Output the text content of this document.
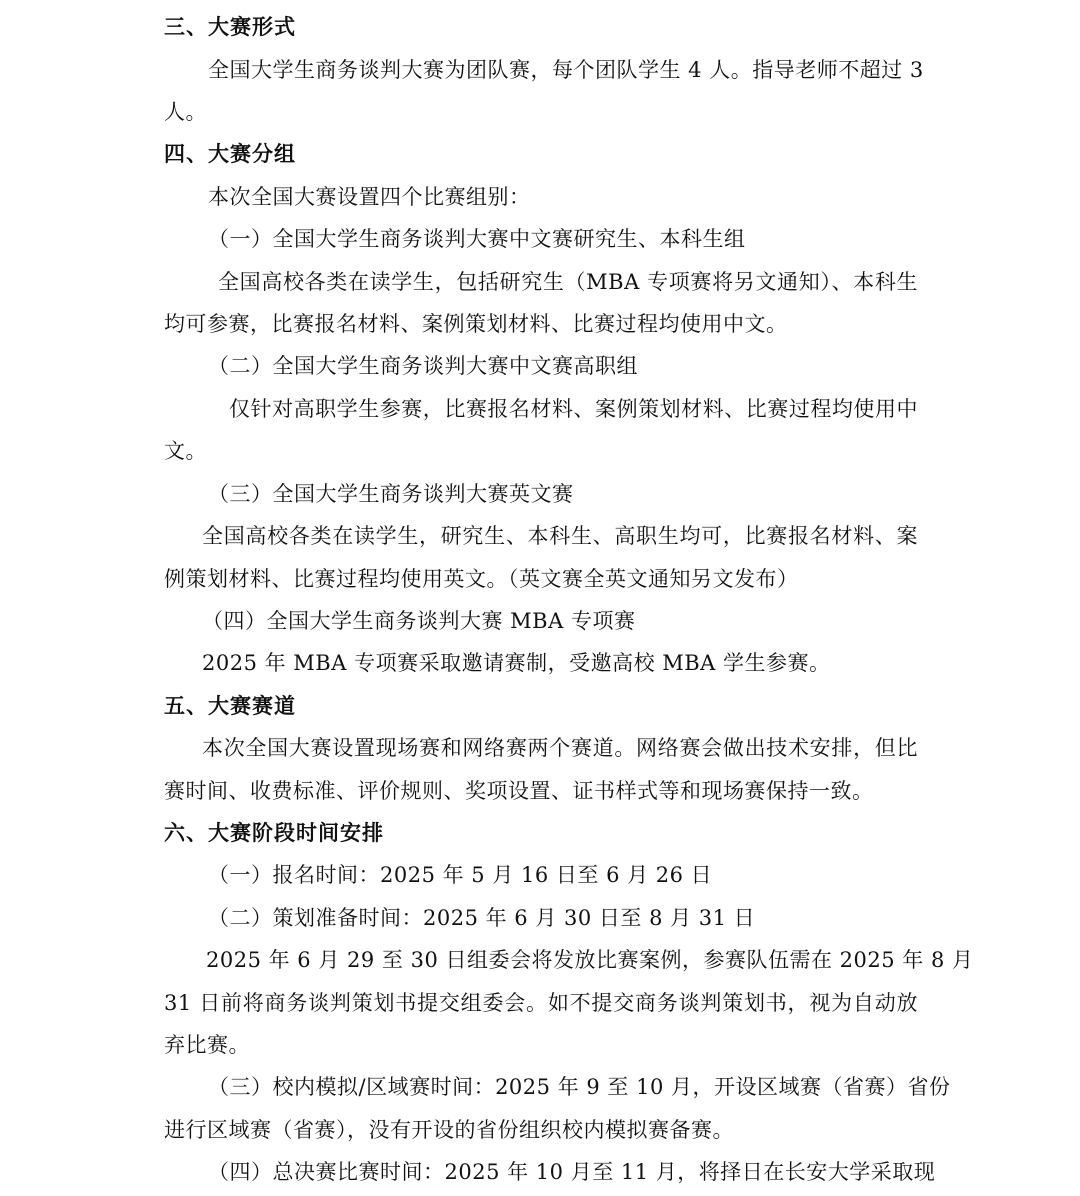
三、大赛形式
全国大学生商务谈判大赛为团队赛，每个团队学生 4 人。指导老师不超过 3
人。
四、大赛分组
本次全国大赛设置四个比赛组别：
（一）全国大学生商务谈判大赛中文赛研究生、本科生组
全国高校各类在读学生，包括研究生（MBA 专项赛将另文通知）、本科生
均可参赛，比赛报名材料、案例策划材料、比赛过程均使用中文。
（二）全国大学生商务谈判大赛中文赛高职组
仅针对高职学生参赛，比赛报名材料、案例策划材料、比赛过程均使用中
文。
（三）全国大学生商务谈判大赛英文赛
全国高校各类在读学生，研究生、本科生、高职生均可，比赛报名材料、案
例策划材料、比赛过程均使用英文。（英文赛全英文通知另文发布）
（四）全国大学生商务谈判大赛 MBA 专项赛
2025 年 MBA 专项赛采取邀请赛制，受邀高校 MBA 学生参赛。
五、大赛赛道
本次全国大赛设置现场赛和网络赛两个赛道。网络赛会做出技术安排，但比
赛时间、收费标准、评价规则、奖项设置、证书样式等和现场赛保持一致。
六、大赛阶段时间安排
（一）报名时间：2025 年 5 月 16 日至 6 月 26 日
（二）策划准备时间：2025 年 6 月 30 日至 8 月 31 日
2025 年 6 月 29 至 30 日组委会将发放比赛案例，参赛队伍需在 2025 年 8 月
31 日前将商务谈判策划书提交组委会。如不提交商务谈判策划书，视为自动放
弃比赛。
（三）校内模拟/区域赛时间：2025 年 9 至 10 月，开设区域赛（省赛）省份
进行区域赛（省赛），没有开设的省份组织校内模拟赛备赛。
（四）总决赛比赛时间：2025 年 10 月至 11 月，将择日在长安大学采取现
